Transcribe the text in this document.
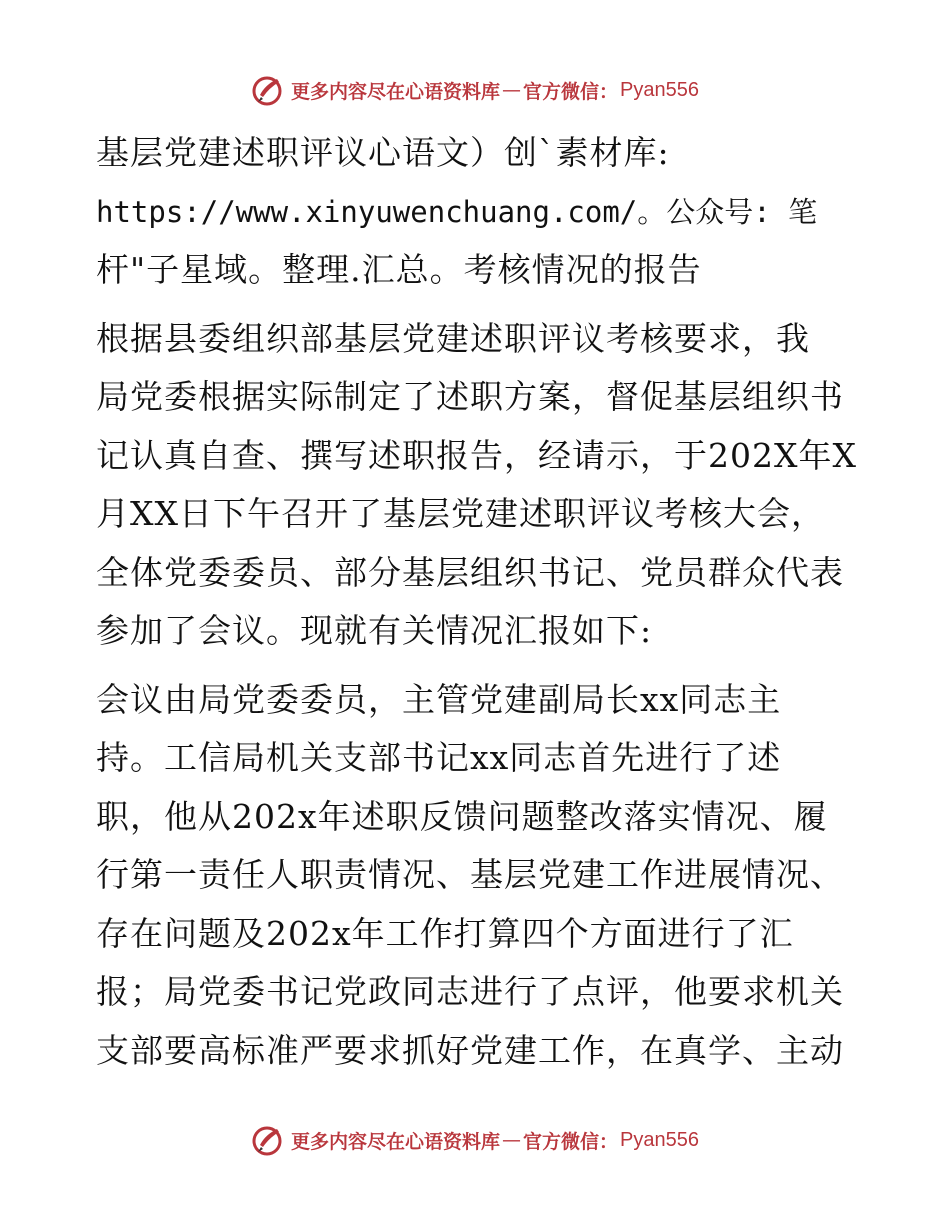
更多内容尽在心语资料库 — 官方微信： Pyan556
基层党建述职评议心语文）创`素材库:
https://www.xinyuwenchuang.com/。公众号: 笔
杆"子星域。整理.汇总。考核情况的报告
根据县委组织部基层党建述职评议考核要求，我
局党委根据实际制定了述职方案，督促基层组织书
记认真自查、撰写述职报告，经请示，于202X年X
月XX日下午召开了基层党建述职评议考核大会，
全体党委委员、部分基层组织书记、党员群众代表
参加了会议。现就有关情况汇报如下:
会议由局党委委员，主管党建副局长xx同志主
持。工信局机关支部书记xx同志首先进行了述
职，他从202x年述职反馈问题整改落实情况、履
行第一责任人职责情况、基层党建工作进展情况、
存在问题及202x年工作打算四个方面进行了汇
报；局党委书记党政同志进行了点评，他要求机关
支部要高标准严要求抓好党建工作，在真学、主动
更多内容尽在心语资料库 — 官方微信： Pyan556
